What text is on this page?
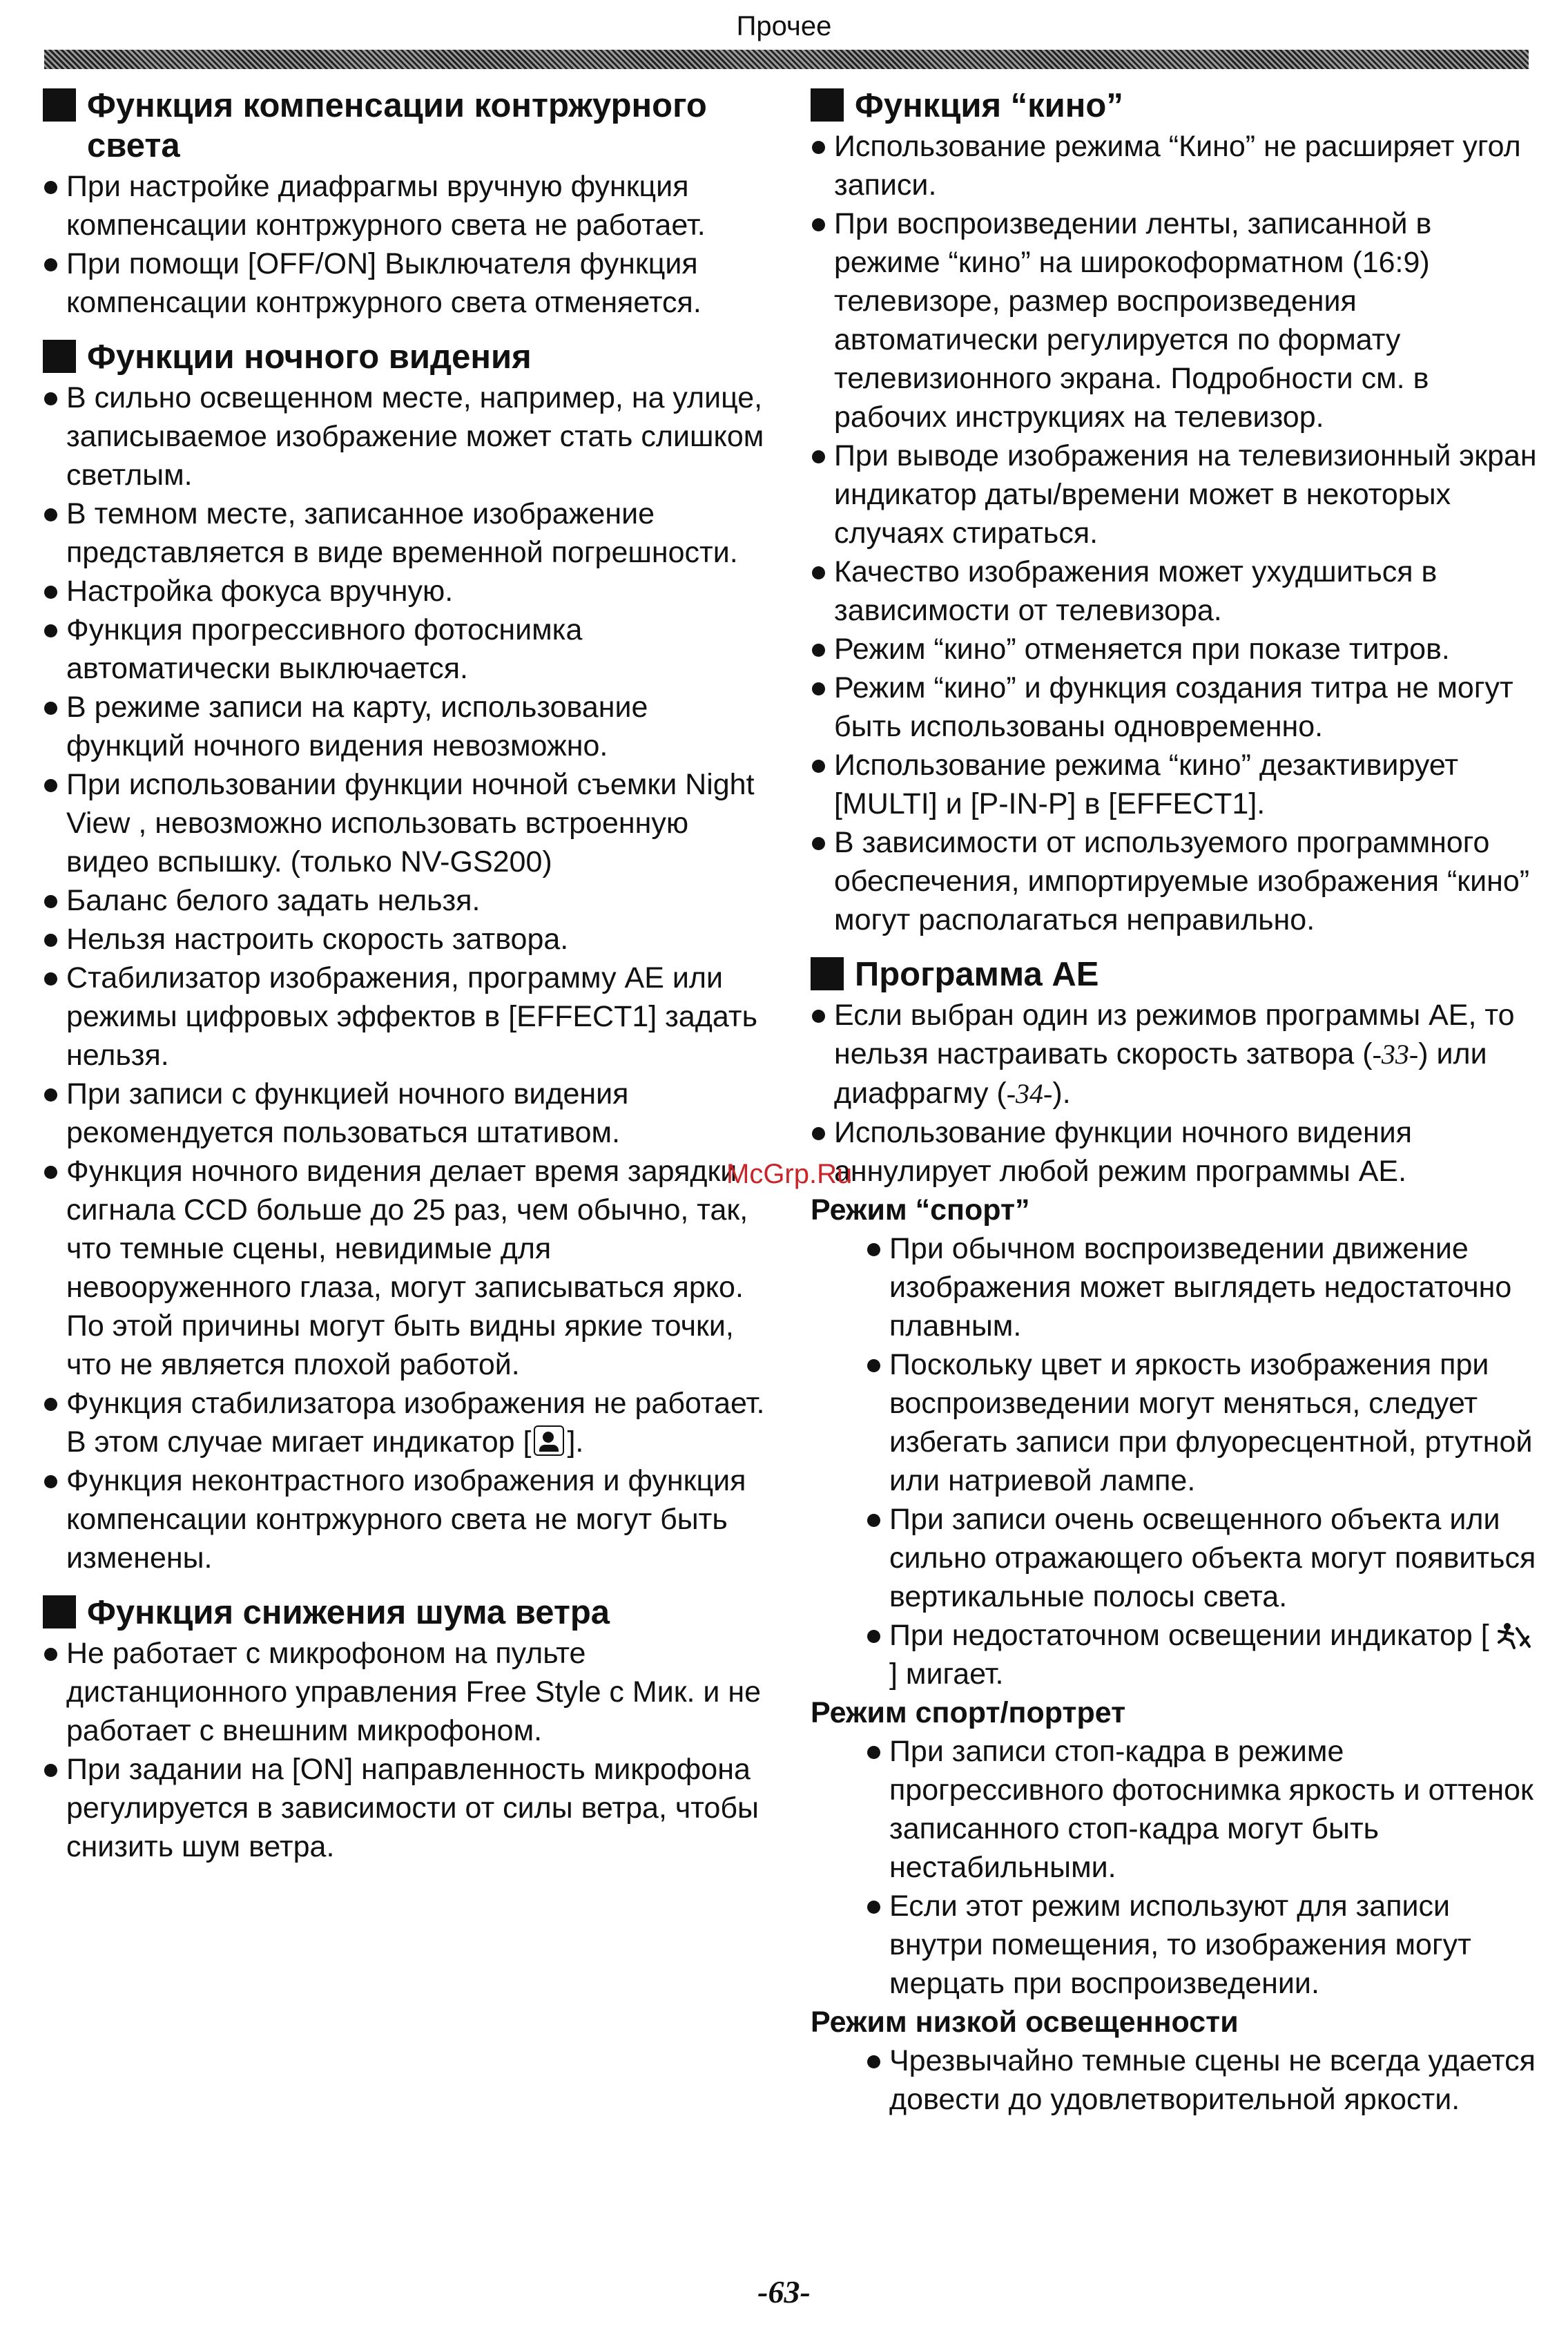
Прочее
Функция компенсации контржурного света
При настройке диафрагмы вручную функция компенсации контржурного света не работает.
При помощи [OFF/ON] Выключателя функция компенсации контржурного света отменяется.
Функции ночного видения
В сильно освещенном месте, например, на улице, записываемое изображение может стать слишком светлым.
В темном месте, записанное изображение представляется в виде временной погрешности.
Настройка фокуса вручную.
Функция прогрессивного фотоснимка автоматически выключается.
В режиме записи на карту, использование функций ночного видения невозможно.
При использовании функции ночной съемки Night View , невозможно использовать встроенную видео вспышку. (только NV-GS200)
Баланс белого задать нельзя.
Нельзя настроить скорость затвора.
Стабилизатор изображения, программу AE или режимы цифровых эффектов в [EFFECT1] задать нельзя.
При записи с функцией ночного видения рекомендуется пользоваться штативом.
Функция ночного видения делает время зарядки сигнала CCD больше до 25 раз, чем обычно, так, что темные сцены, невидимые для невооруженного глаза, могут записываться ярко. По этой причины могут быть видны яркие точки, что не является плохой работой.
Функция стабилизатора изображения не работает. В этом случае мигает индикатор [ ].
Функция неконтрастного изображения и функция компенсации контржурного света не могут быть изменены.
Функция снижения шума ветра
Не работает с микрофоном на пульте дистанционного управления Free Style с Мик. и не работает с внешним микрофоном.
При задании на [ON] направленность микрофона регулируется в зависимости от силы ветра, чтобы снизить шум ветра.
Функция “кино”
Использование режима “Кино” не расширяет угол записи.
При воспроизведении ленты, записанной в режиме “кино” на широкоформатном (16:9) телевизоре, размер воспроизведения автоматически регулируется по формату телевизионного экрана. Подробности см. в рабочих инструкциях на телевизор.
При выводе изображения на телевизионный экран индикатор даты/времени может в некоторых случаях стираться.
Качество изображения может ухудшиться в зависимости от телевизора.
Режим “кино” отменяется при показе титров.
Режим “кино” и функция создания титра не могут быть использованы одновременно.
Использование режима “кино” дезактивирует [MULTI] и [P-IN-P] в [EFFECT1].
В зависимости от используемого программного обеспечения, импортируемые изображения “кино” могут располагаться неправильно.
Программа AE
Если выбран один из режимов программы AE, то нельзя настраивать скорость затвора (-33-) или диафрагму (-34-).
Использование функции ночного видения аннулирует любой режим программы AE.
Режим “спорт”
При обычном воспроизведении движение изображения может выглядеть недостаточно плавным.
Поскольку цвет и яркость изображения при воспроизведении могут меняться, следует избегать записи при флуоресцентной, ртутной или натриевой лампе.
При записи очень освещенного объекта или сильно отражающего объекта могут появиться вертикальные полосы света.
При недостаточном освещении индикатор [] мигает.
Режим спорт/портрет
При записи стоп-кадра в режиме прогрессивного фотоснимка яркость и оттенок записанного стоп-кадра могут быть нестабильными.
Если этот режим используют для записи внутри помещения, то изображения могут мерцать при воспроизведении.
Режим низкой освещенности
Чрезвычайно темные сцены не всегда удается довести до удовлетворительной яркости.
McGrp.Ru
-63-
